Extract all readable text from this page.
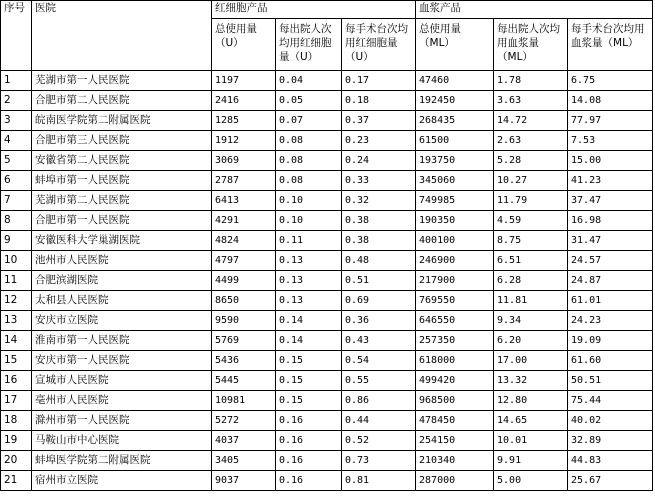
序号	医院	红细胞产品			血浆产品		
		总使用量（U）	每出院人次均用红细胞量（U）	每手术台次均用红细胞量（U）	总使用量（ML）	每出院人次均用血浆量（ML）	每手术台次均用血浆量（ML）
1	芜湖市第一人民医院	1197	0.04	0.17	47460	1.78	6.75
2	合肥市第二人民医院	2416	0.05	0.18	192450	3.63	14.08
3	皖南医学院第二附属医院	1285	0.07	0.37	268435	14.72	77.97
4	合肥市第三人民医院	1912	0.08	0.23	61500	2.63	7.53
5	安徽省第二人民医院	3069	0.08	0.24	193750	5.28	15.00
6	蚌埠市第一人民医院	2787	0.08	0.33	345060	10.27	41.23
7	芜湖市第二人民医院	6413	0.10	0.32	749985	11.79	37.47
8	合肥市第一人民医院	4291	0.10	0.38	190350	4.59	16.98
9	安徽医科大学巢湖医院	4824	0.11	0.38	400100	8.75	31.47
10	池州市人民医院	4797	0.13	0.48	246900	6.51	24.57
11	合肥滨湖医院	4499	0.13	0.51	217900	6.28	24.87
12	太和县人民医院	8650	0.13	0.69	769550	11.81	61.01
13	安庆市立医院	9590	0.14	0.36	646550	9.34	24.23
14	淮南市第一人民医院	5769	0.14	0.43	257350	6.20	19.09
15	安庆市第一人民医院	5436	0.15	0.54	618000	17.00	61.60
16	宣城市人民医院	5445	0.15	0.55	499420	13.32	50.51
17	亳州市人民医院	10981	0.15	0.86	968500	12.80	75.44
18	滁州市第一人民医院	5272	0.16	0.44	478450	14.65	40.02
19	马鞍山市中心医院	4037	0.16	0.52	254150	10.01	32.89
20	蚌埠医学院第二附属医院	3405	0.16	0.73	210340	9.91	44.83
21	宿州市立医院	9037	0.16	0.81	287000	5.00	25.67
